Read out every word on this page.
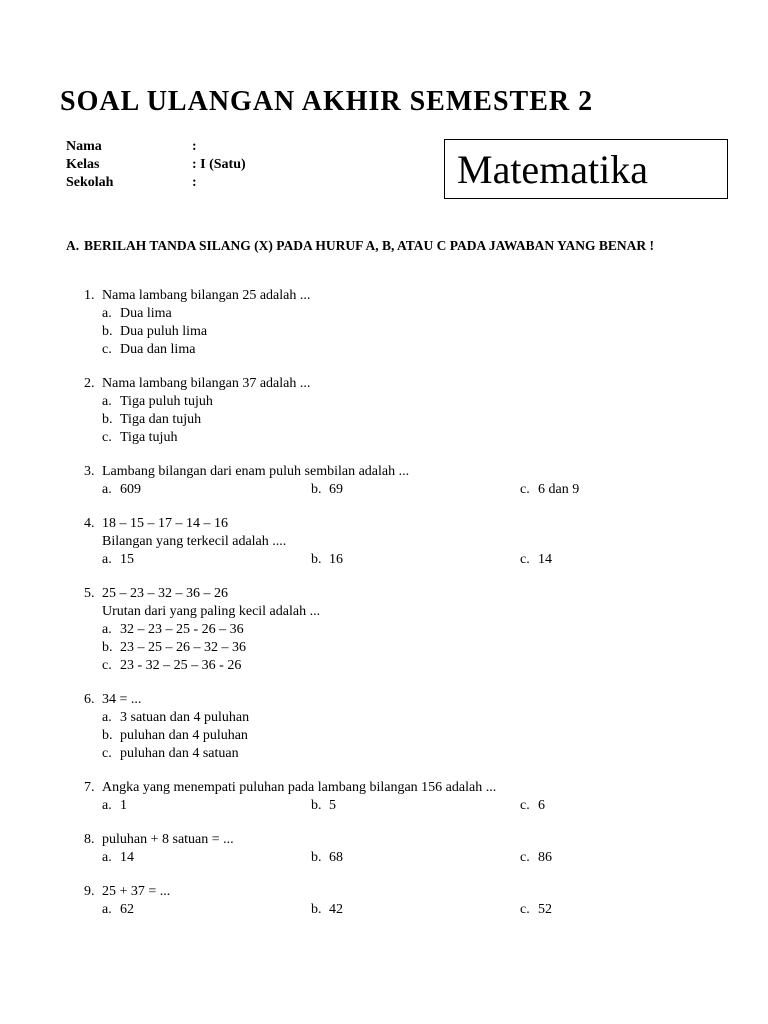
SOAL ULANGAN AKHIR SEMESTER 2
Nama	:
Kelas	: I (Satu)
Sekolah	:	Matematika
A. BERILAH TANDA SILANG (X) PADA HURUF A, B, ATAU C PADA JAWABAN YANG BENAR !
1. Nama lambang bilangan 25 adalah ...
a. Dua lima
b. Dua puluh lima
c. Dua dan lima
2. Nama lambang bilangan 37 adalah ...
a. Tiga puluh tujuh
b. Tiga dan tujuh
c. Tiga tujuh
3. Lambang bilangan dari enam puluh sembilan adalah ...
a. 609	b. 69	c. 6 dan 9
4. 18 – 15 – 17 – 14 – 16
Bilangan yang terkecil adalah ....
a. 15	b. 16	c. 14
5. 25 – 23 – 32 – 36 – 26
Urutan dari yang paling kecil adalah ...
a. 32 – 23 – 25 - 26 – 36
b. 23 – 25 – 26 – 32 – 36
c. 23 - 32 – 25 – 36 - 26
6. 34 = ...
a. 3 satuan dan 4 puluhan
b. puluhan dan 4 puluhan
c. puluhan dan 4 satuan
7. Angka yang menempati puluhan pada lambang bilangan 156 adalah ...
a. 1	b. 5	c. 6
8. puluhan + 8 satuan = ...
a. 14	b. 68	c. 86
9. 25 + 37 = ...
a. 62	b. 42	c. 52
